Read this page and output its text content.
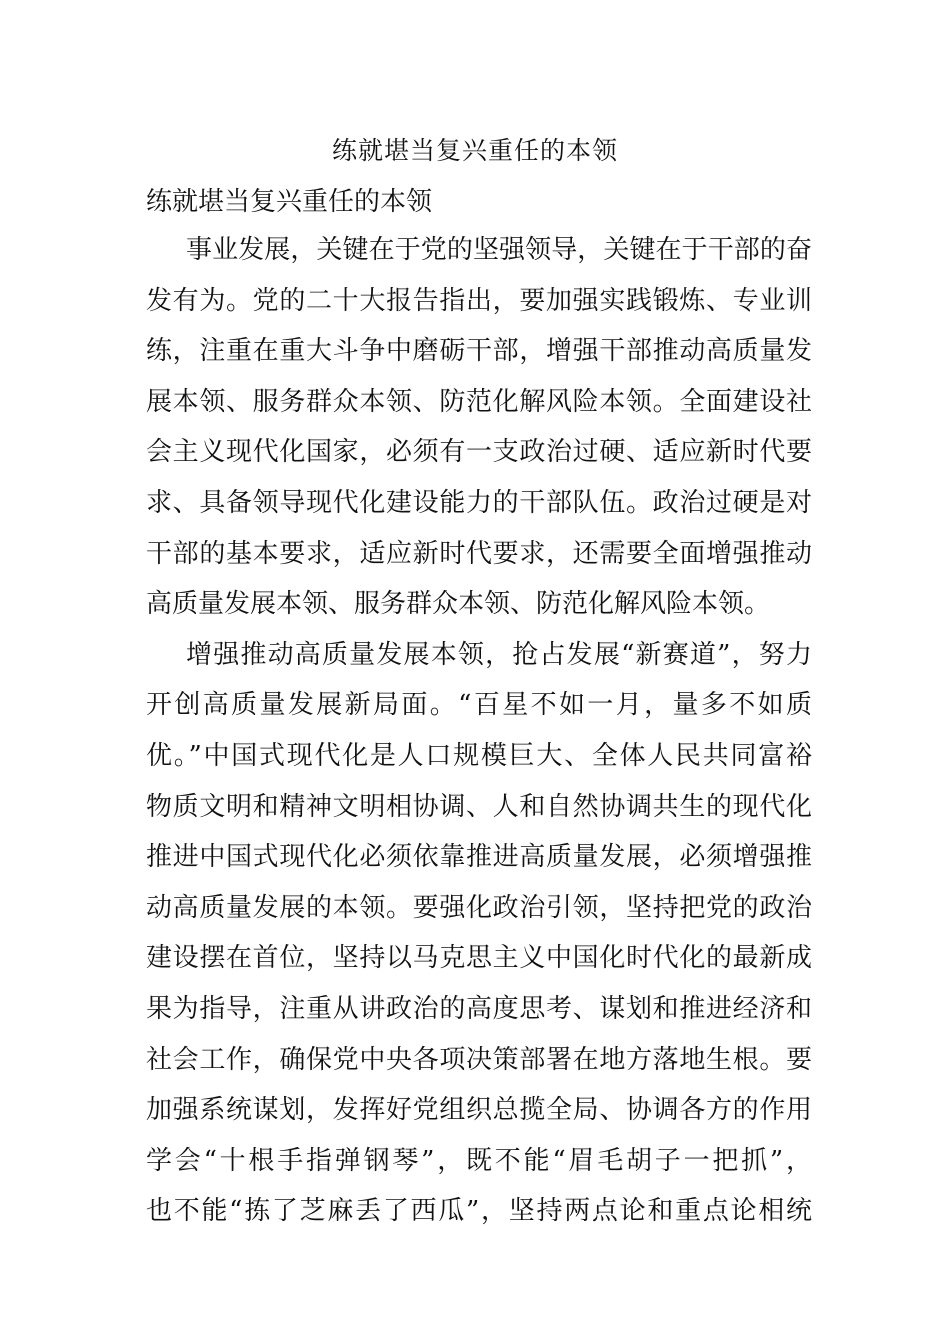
练就堪当复兴重任的本领
练就堪当复兴重任的本领
事业发展，关键在于党的坚强领导，关键在于干部的奋
发有为。党的二十大报告指出，要加强实践锻炼、专业训
练，注重在重大斗争中磨砺干部，增强干部推动高质量发
展本领、服务群众本领、防范化解风险本领。全面建设社
会主义现代化国家，必须有一支政治过硬、适应新时代要
求、具备领导现代化建设能力的干部队伍。政治过硬是对
干部的基本要求，适应新时代要求，还需要全面增强推动
高质量发展本领、服务群众本领、防范化解风险本领。
增强推动高质量发展本领，抢占发展“新赛道”，努力
开创高质量发展新局面。“百星不如一月，量多不如质
优。”中国式现代化是人口规模巨大、全体人民共同富裕
物质文明和精神文明相协调、人和自然协调共生的现代化
推进中国式现代化必须依靠推进高质量发展，必须增强推
动高质量发展的本领。要强化政治引领，坚持把党的政治
建设摆在首位，坚持以马克思主义中国化时代化的最新成
果为指导，注重从讲政治的高度思考、谋划和推进经济和
社会工作，确保党中央各项决策部署在地方落地生根。要
加强系统谋划，发挥好党组织总揽全局、协调各方的作用
学会“十根手指弹钢琴”，既不能“眉毛胡子一把抓”，
也不能“拣了芝麻丢了西瓜”，坚持两点论和重点论相统
